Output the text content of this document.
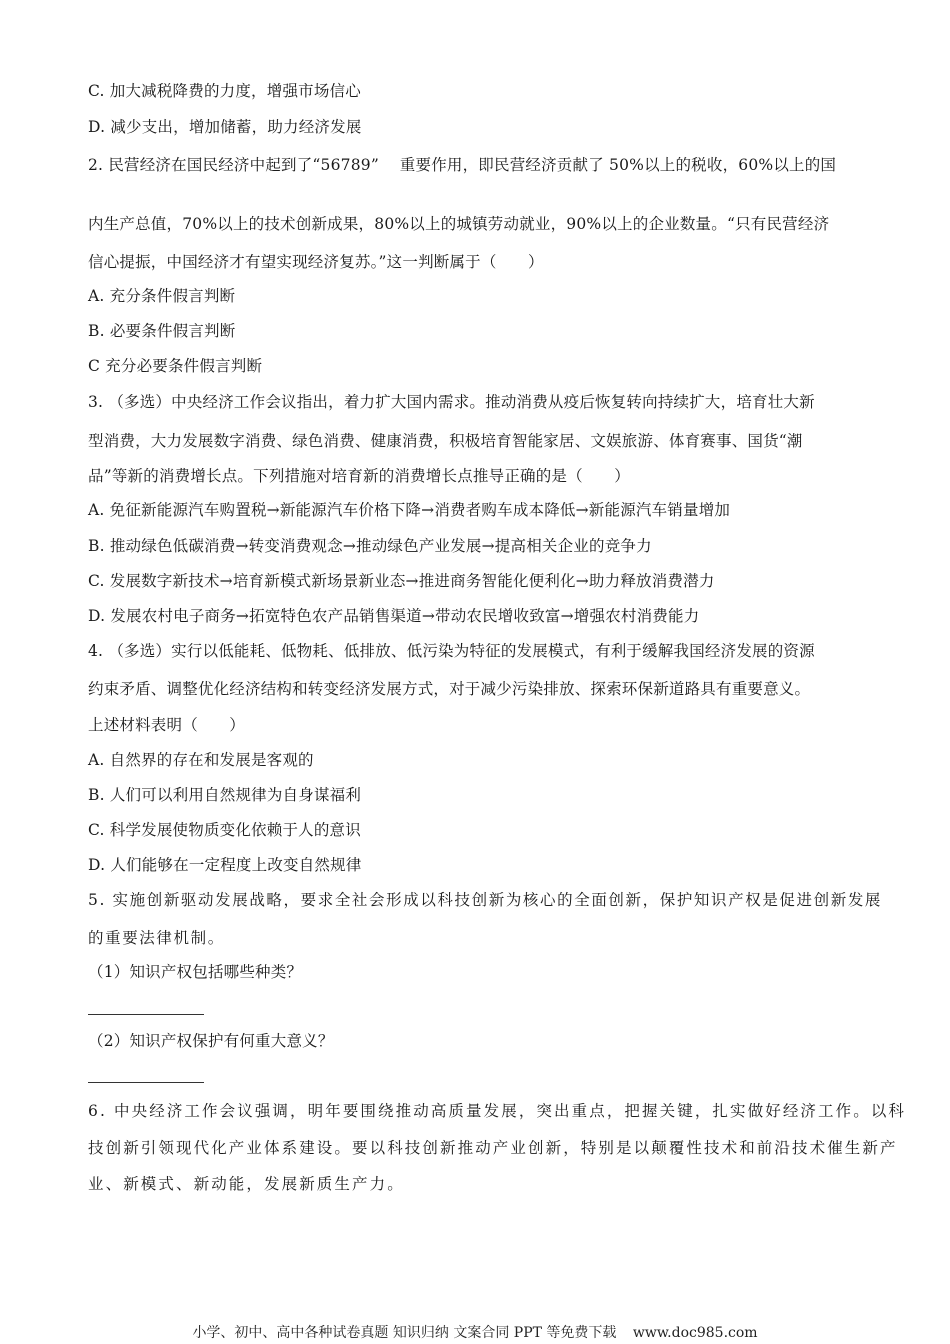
C. 加大减税降费的力度，增强市场信心
D. 减少支出，增加储蓄，助力经济发展
2. 民营经济在国民经济中起到了“56789”　 重要作用，即民营经济贡献了 50%以上的税收，60%以上的国
内生产总值，70%以上的技术创新成果，80%以上的城镇劳动就业，90%以上的企业数量。“只有民营经济
信心提振，中国经济才有望实现经济复苏。”这一判断属于（　　）
A. 充分条件假言判断
B. 必要条件假言判断
C 充分必要条件假言判断
3. （多选）中央经济工作会议指出，着力扩大国内需求。推动消费从疫后恢复转向持续扩大，培育壮大新
型消费，大力发展数字消费、绿色消费、健康消费，积极培育智能家居、文娱旅游、体育赛事、国货“潮
品”等新的消费增长点。下列措施对培育新的消费增长点推导正确的是（　　）
A. 免征新能源汽车购置税→新能源汽车价格下降→消费者购车成本降低→新能源汽车销量增加
B. 推动绿色低碳消费→转变消费观念→推动绿色产业发展→提高相关企业的竞争力
C. 发展数字新技术→培育新模式新场景新业态→推进商务智能化便利化→助力释放消费潜力
D. 发展农村电子商务→拓宽特色农产品销售渠道→带动农民增收致富→增强农村消费能力
4. （多选）实行以低能耗、低物耗、低排放、低污染为特征的发展模式，有利于缓解我国经济发展的资源
约束矛盾、调整优化经济结构和转变经济发展方式，对于减少污染排放、探索环保新道路具有重要意义。
上述材料表明（　　）
A. 自然界的存在和发展是客观的
B. 人们可以利用自然规律为自身谋福利
C. 科学发展使物质变化依赖于人的意识
D. 人们能够在一定程度上改变自然规律
5. 实施创新驱动发展战略，要求全社会形成以科技创新为核心的全面创新，保护知识产权是促进创新发展
的重要法律机制。
（1）知识产权包括哪些种类？
（2）知识产权保护有何重大意义？
6. 中央经济工作会议强调，明年要围绕推动高质量发展，突出重点，把握关键，扎实做好经济工作。以科
技创新引领现代化产业体系建设。要以科技创新推动产业创新，特别是以颠覆性技术和前沿技术催生新产
业、新模式、新动能，发展新质生产力。
小学、初中、高中各种试卷真题 知识归纳 文案合同 PPT 等免费下载 www.doc985.com
